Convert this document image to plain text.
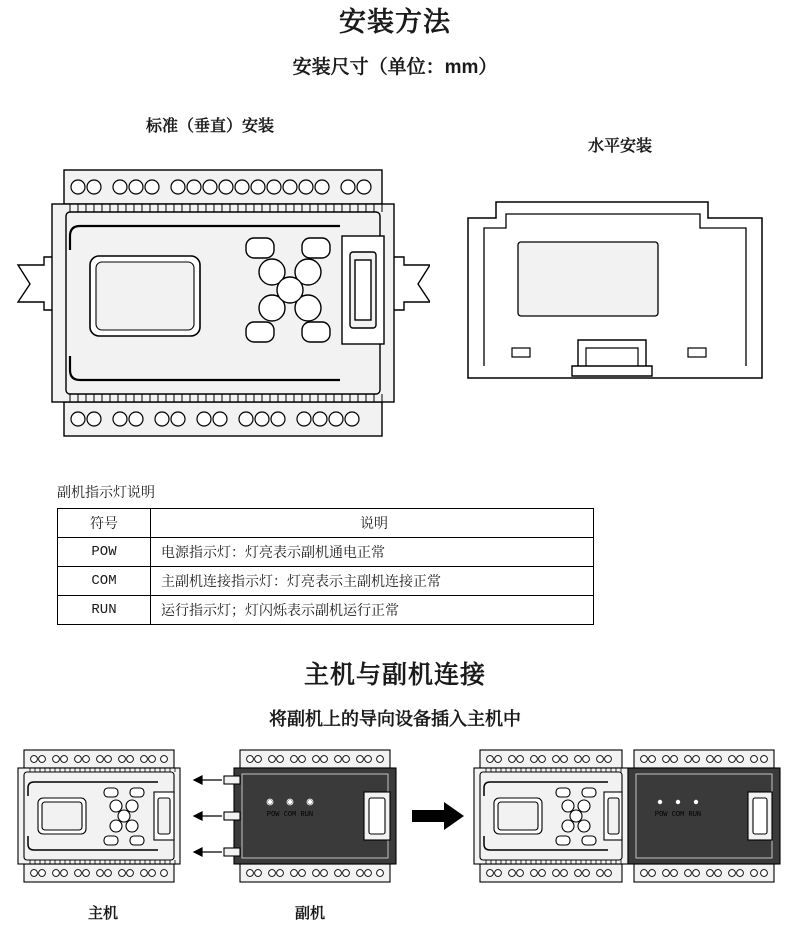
安装方法
安装尺寸（单位：mm）
标准（垂直）安装
水平安装
副机指示灯说明
符号	说明
POW	电源指示灯：灯亮表示副机通电正常
COM	主副机连接指示灯：灯亮表示主副机连接正常
RUN	运行指示灯；灯闪烁表示副机运行正常
主机与副机连接
将副机上的导向设备插入主机中
POW COM RUN	POW COM RUN
主机	副机
